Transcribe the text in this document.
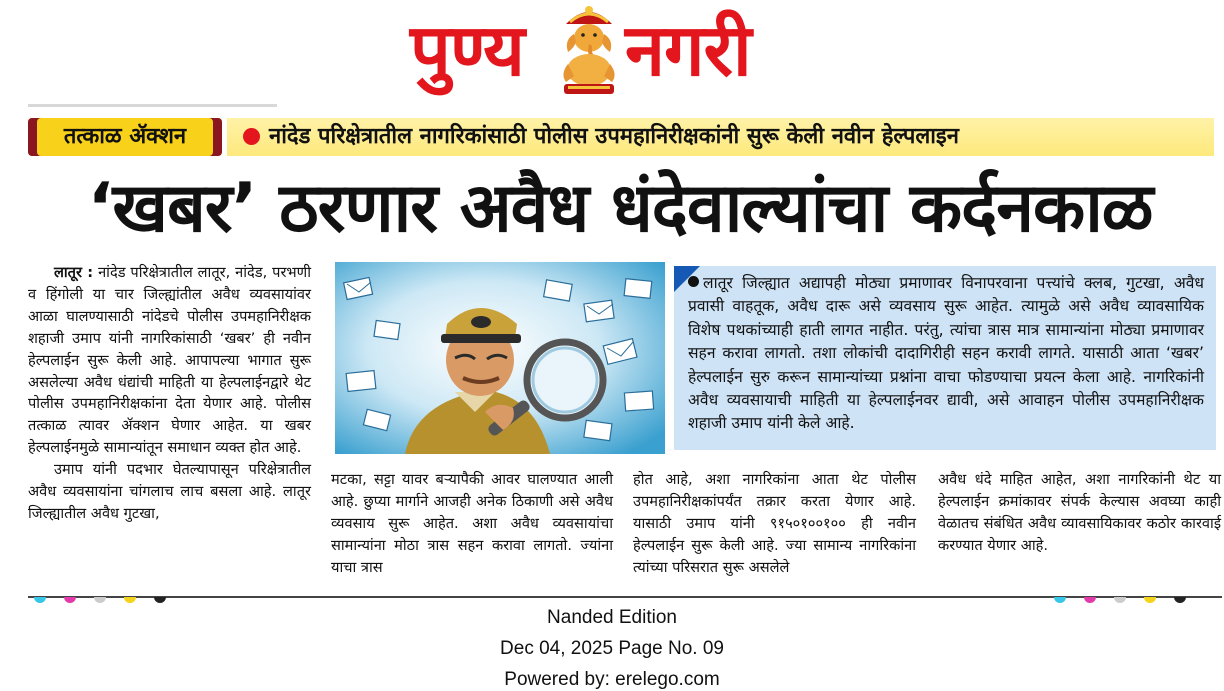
पुण्य नगरी
तत्काळ ॲक्शन	नांदेड परिक्षेत्रातील नागरिकांसाठी पोलीस उपमहानिरीक्षकांनी सुरू केली नवीन हेल्पलाइन
‘खबर’ ठरणार अवैध धंदेवाल्यांचा कर्दनकाळ

लातूर : नांदेड परिक्षेत्रातील लातूर, नांदेड, परभणी व हिंगोली या चार जिल्ह्यांतील अवैध व्यवसायांवर आळा घालण्यासाठी नांदेडचे पोलीस उपमहानिरीक्षक शहाजी उमाप यांनी नागरिकांसाठी ‘खबर’ ही नवीन हेल्पलाईन सुरू केली आहे. आपापल्या भागात सुरू असलेल्या अवैध धंद्यांची माहिती या हेल्पलाईनद्वारे थेट पोलीस उपमहानिरीक्षकांना देता येणार आहे. पोलीस तत्काळ त्यावर ॲक्शन घेणार आहेत. या खबर हेल्पलाईनमुळे सामान्यांतून समाधान व्यक्त होत आहे.

उमाप यांनी पदभार घेतल्यापासून परिक्षेत्रातील अवैध व्यवसायांना चांगलाच लाच बसला आहे. लातूर जिल्ह्यातील अवैध गुटखा,

लातूर जिल्ह्यात अद्यापही मोठ्या प्रमाणावर विनापरवाना पत्त्यांचे क्लब, गुटखा, अवैध प्रवासी वाहतूक, अवैध दारू असे व्यवसाय सुरू आहेत. त्यामुळे असे अवैध व्यावसायिक विशेष पथकांच्याही हाती लागत नाहीत. परंतु, त्यांचा त्रास मात्र सामान्यांना मोठ्या प्रमाणावर सहन करावा लागतो. तशा लोकांची दादागिरीही सहन करावी लागते. यासाठी आता ‘खबर’ हेल्पलाईन सुरु करून सामान्यांच्या प्रश्नांना वाचा फोडण्याचा प्रयत्न केला आहे. नागरिकांनी अवैध व्यवसायाची माहिती या हेल्पलाईनवर द्यावी, असे आवाहन पोलीस उपमहानिरीक्षक शहाजी उमाप यांनी केले आहे.
मटका, सट्टा यावर बऱ्यापैकी आवर घालण्यात आली आहे. छुप्या मार्गाने आजही अनेक ठिकाणी असे अवैध व्यवसाय सुरू आहेत. अशा अवैध व्यवसायांचा सामान्यांना मोठा त्रास सहन करावा लागतो. ज्यांना याचा त्रास
होत आहे, अशा नागरिकांना आता थेट पोलीस उपमहानिरीक्षकांपर्यंत तक्रार करता येणार आहे. यासाठी उमाप यांनी ९१५०१००१०० ही नवीन हेल्पलाईन सुरू केली आहे. ज्या सामान्य नागरिकांना त्यांच्या परिसरात सुरू असलेले
अवैध धंदे माहित आहेत, अशा नागरिकांनी थेट या हेल्पलाईन क्रमांकावर संपर्क केल्यास अवघ्या काही वेळातच संबंधित अवैध व्यावसायिकावर कठोर कारवाई करण्यात येणार आहे.
Nanded Edition
Dec 04, 2025 Page No. 09
Powered by: erelego.com
